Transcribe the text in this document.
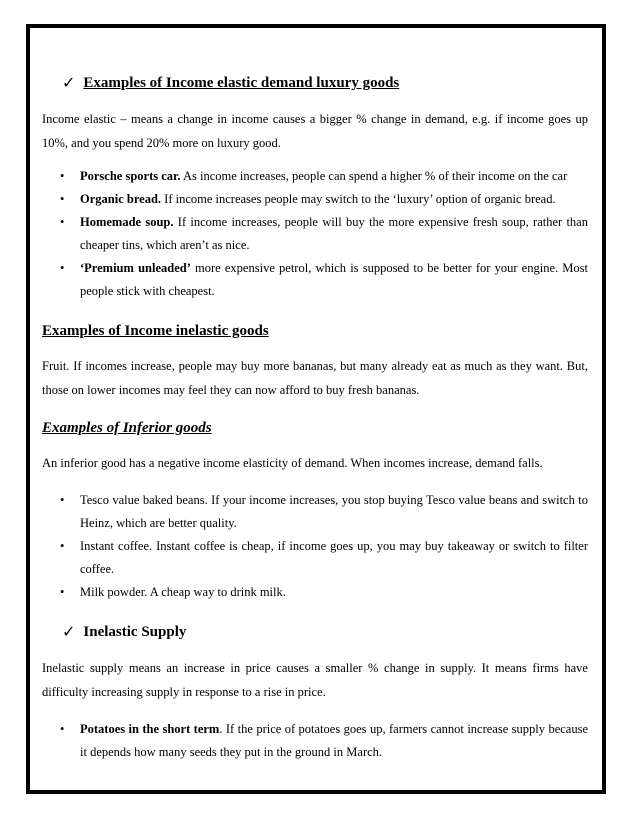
✓ Examples of Income elastic demand luxury goods

Income elastic – means a change in income causes a bigger % change in demand, e.g. if income goes up 10%, and you spend 20% more on luxury good.

• Porsche sports car. As income increases, people can spend a higher % of their income on the car
• Organic bread. If income increases people may switch to the ‘luxury’ option of organic bread.
• Homemade soup. If income increases, people will buy the more expensive fresh soup, rather than cheaper tins, which aren’t as nice.
• ‘Premium unleaded’ more expensive petrol, which is supposed to be better for your engine. Most people stick with cheapest.
Examples of Income inelastic goods

Fruit. If incomes increase, people may buy more bananas, but many already eat as much as they want. But, those on lower incomes may feel they can now afford to buy fresh bananas.

Examples of Inferior goods

An inferior good has a negative income elasticity of demand. When incomes increase, demand falls.

• Tesco value baked beans. If your income increases, you stop buying Tesco value beans and switch to Heinz, which are better quality.
• Instant coffee. Instant coffee is cheap, if income goes up, you may buy takeaway or switch to filter coffee.
• Milk powder. A cheap way to drink milk.
✓ Inelastic Supply

Inelastic supply means an increase in price causes a smaller % change in supply. It means firms have difficulty increasing supply in response to a rise in price.

• Potatoes in the short term. If the price of potatoes goes up, farmers cannot increase supply because it depends how many seeds they put in the ground in March.
